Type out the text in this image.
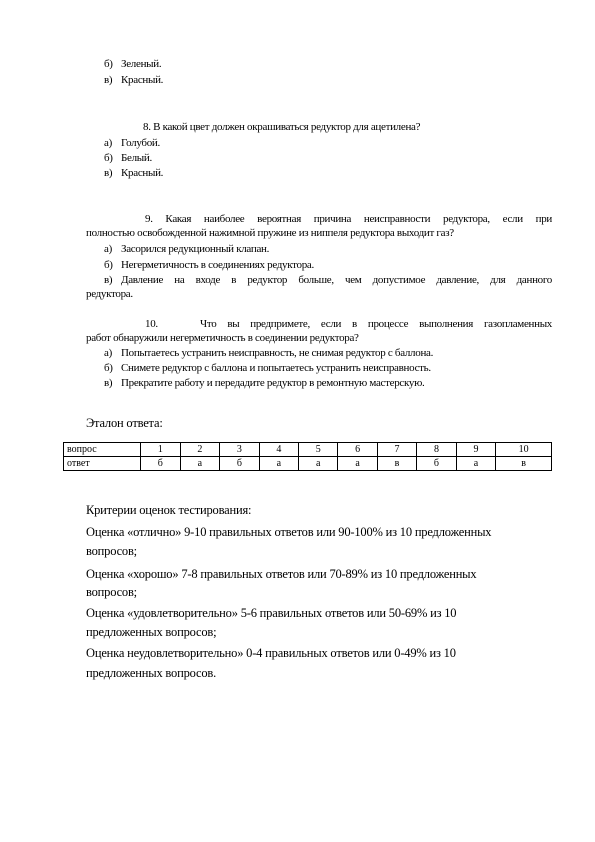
б) Зеленый.
в) Красный.
8. В какой цвет должен окрашиваться редуктор для ацетилена?
а) Голубой.
б) Белый.
в) Красный.
9. Какая наиболее вероятная причина неисправности редуктора, если при
полностью освобожденной нажимной пружине из ниппеля редуктора выходит газ?
а) Засорился редукционный клапан.
б) Негерметичность в соединениях редуктора.
в) Давление на входе в редуктор больше, чем допустимое давление, для данного
редуктора.
10.	Что вы предпримете, если в процессе выполнения газопламенных
работ обнаружили негерметичность в соединении редуктора?
а) Попытаетесь устранить неисправность, не снимая редуктор с баллона.
б) Снимете редуктор с баллона и попытаетесь устранить неисправность.
в) Прекратите работу и передадите редуктор в ремонтную мастерскую.
Эталон ответа:
вопрос	1	2	3	4	5	6	7	8	9	10
ответ	б	а	б	а	а	а	в	б	а	в
Критерии оценок тестирования:
Оценка «отлично» 9-10 правильных ответов или 90-100% из 10 предложенных
вопросов;
Оценка «хорошо» 7-8 правильных ответов или 70-89% из 10 предложенных
вопросов;
Оценка «удовлетворительно» 5-6 правильных ответов или 50-69% из 10
предложенных вопросов;
Оценка неудовлетворительно» 0-4 правильных ответов или 0-49% из 10
предложенных вопросов.
